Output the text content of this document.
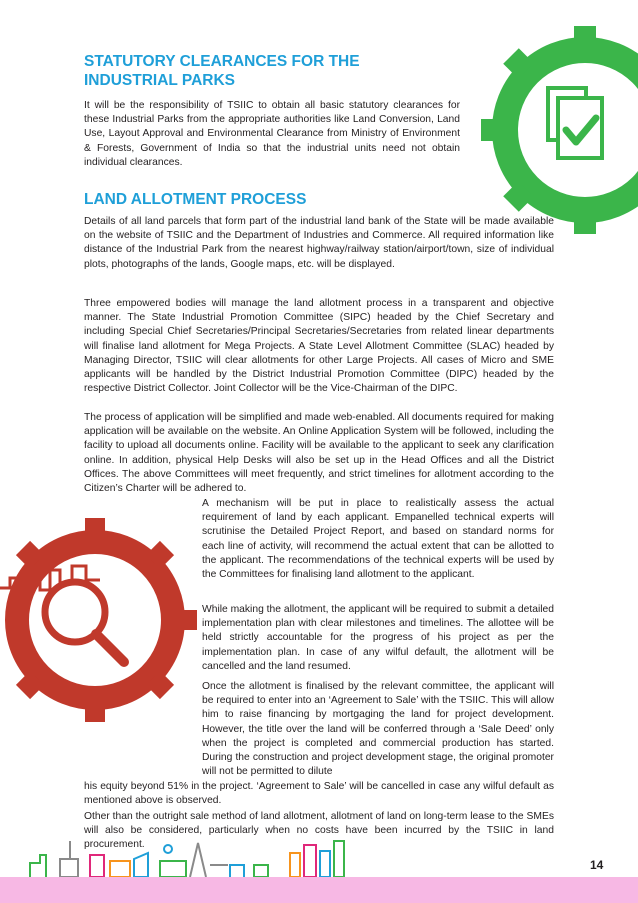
STATUTORY CLEARANCES FOR THE INDUSTRIAL PARKS

It will be the responsibility of TSIIC to obtain all basic statutory clearances for these Industrial Parks from the appropriate authorities like Land Conversion, Land Use, Layout Approval and Environmental Clearance from Ministry of Environment & Forests, Government of India so that the industrial units need not obtain individual clearances.

LAND ALLOTMENT PROCESS

Details of all land parcels that form part of the industrial land bank of the State will be made available on the website of TSIIC and the Department of Industries and Commerce. All required information like distance of the Industrial Park from the nearest highway/railway station/airport/town, size of individual plots, photographs of the lands, Google maps, etc. will be displayed.

Three empowered bodies will manage the land allotment process in a transparent and objective manner. The State Industrial Promotion Committee (SIPC) headed by the Chief Secretary and including Special Chief Secretaries/Principal Secretaries/Secretaries from related linear departments will finalise land allotment for Mega Projects. A State Level Allotment Committee (SLAC) headed by Managing Director, TSIIC will clear allotments for other Large Projects. All cases of Micro and SME applicants will be handled by the District Industrial Promotion Committee (DIPC) headed by the respective District Collector. Joint Collector will be the Vice-Chairman of the DIPC.

The process of application will be simplified and made web-enabled. All documents required for making application will be available on the website. An Online Application System will be followed, including the facility to upload all documents online. Facility will be available to the applicant to seek any clarification online. In addition, physical Help Desks will also be set up in the Head Offices and all the District Offices. The above Committees will meet frequently, and strict timelines for allotment according to the Citizen’s Charter will be adhered to.

A mechanism will be put in place to realistically assess the actual requirement of land by each applicant. Empanelled technical experts will scrutinise the Detailed Project Report, and based on standard norms for each line of activity, will recommend the actual extent that can be allotted to the applicant. The recommendations of the technical experts will be used by the Committees for finalising land allotment to the applicant.

While making the allotment, the applicant will be required to submit a detailed implementation plan with clear milestones and timelines. The allottee will be held strictly accountable for the progress of his project as per the implementation plan. In case of any wilful default, the allotment will be cancelled and the land resumed.

Once the allotment is finalised by the relevant committee, the applicant will be required to enter into an ‘Agreement to Sale’ with the TSIIC. This will allow him to raise financing by mortgaging the land for project development. However, the title over the land will be conferred through a ‘Sale Deed’ only when the project is completed and commercial production has started. During the construction and project development stage, the original promoter will not be permitted to dilute

his equity beyond 51% in the project. ‘Agreement to Sale’ will be cancelled in case any wilful default as mentioned above is observed.

Other than the outright sale method of land allotment, allotment of land on long-term lease to the SMEs will also be considered, particularly when no costs have been incurred by the TSIIC in land procurement.

14
